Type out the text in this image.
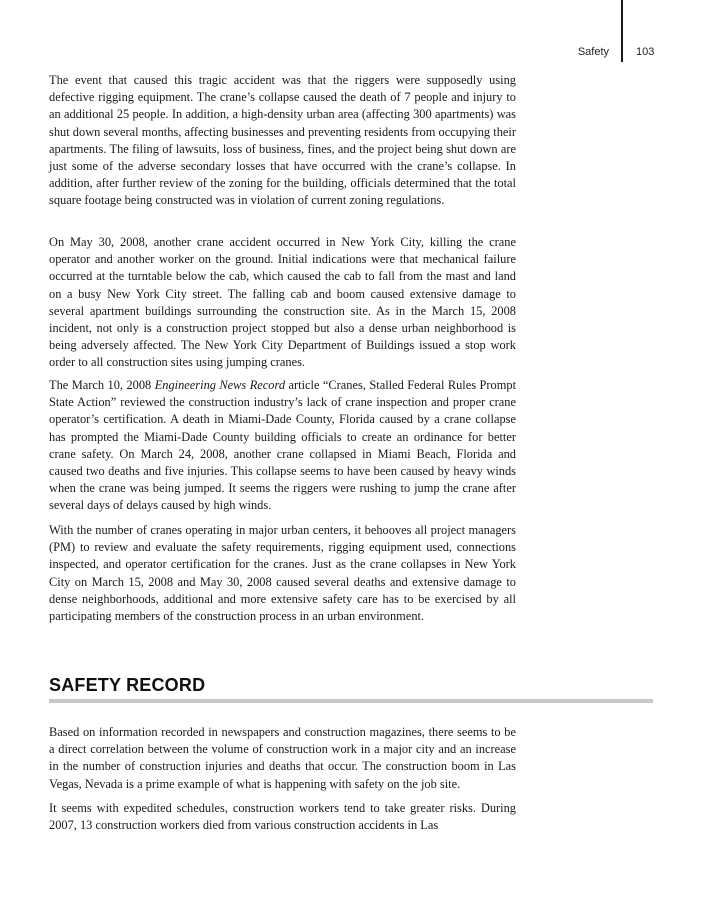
Safety 103

The event that caused this tragic accident was that the riggers were supposedly using defective rigging equipment. The crane’s collapse caused the death of 7 people and injury to an additional 25 people. In addition, a high-density urban area (affecting 300 apartments) was shut down several months, affecting businesses and preventing residents from occupying their apartments. The filing of lawsuits, loss of business, fines, and the project being shut down are just some of the adverse secondary losses that have occurred with the crane’s collapse. In addition, after further review of the zoning for the building, officials determined that the total square footage being constructed was in violation of current zoning regulations.

On May 30, 2008, another crane accident occurred in New York City, killing the crane operator and another worker on the ground. Initial indications were that mechanical failure occurred at the turntable below the cab, which caused the cab to fall from the mast and land on a busy New York City street. The falling cab and boom caused extensive damage to several apartment buildings surrounding the construction site. As in the March 15, 2008 incident, not only is a construction project stopped but also a dense urban neighborhood is being adversely affected. The New York City Department of Buildings issued a stop work order to all construction sites using jumping cranes.

The March 10, 2008 Engineering News Record article “Cranes, Stalled Federal Rules Prompt State Action” reviewed the construction industry’s lack of crane inspection and proper crane operator’s certification. A death in Miami-Dade County, Florida caused by a crane collapse has prompted the Miami-Dade County building officials to create an ordinance for better crane safety. On March 24, 2008, another crane collapsed in Miami Beach, Florida and caused two deaths and five injuries. This collapse seems to have been caused by heavy winds when the crane was being jumped. It seems the riggers were rushing to jump the crane after several days of delays caused by high winds.

With the number of cranes operating in major urban centers, it behooves all project managers (PM) to review and evaluate the safety requirements, rigging equipment used, connections inspected, and operator certification for the cranes. Just as the crane collapses in New York City on March 15, 2008 and May 30, 2008 caused several deaths and extensive damage to dense neighborhoods, additional and more extensive safety care has to be exercised by all participating members of the construction process in an urban environment.

SAFETY RECORD

Based on information recorded in newspapers and construction magazines, there seems to be a direct correlation between the volume of construction work in a major city and an increase in the number of construction injuries and deaths that occur. The construction boom in Las Vegas, Nevada is a prime example of what is happening with safety on the job site.

It seems with expedited schedules, construction workers tend to take greater risks. During 2007, 13 construction workers died from various construction accidents in Las
